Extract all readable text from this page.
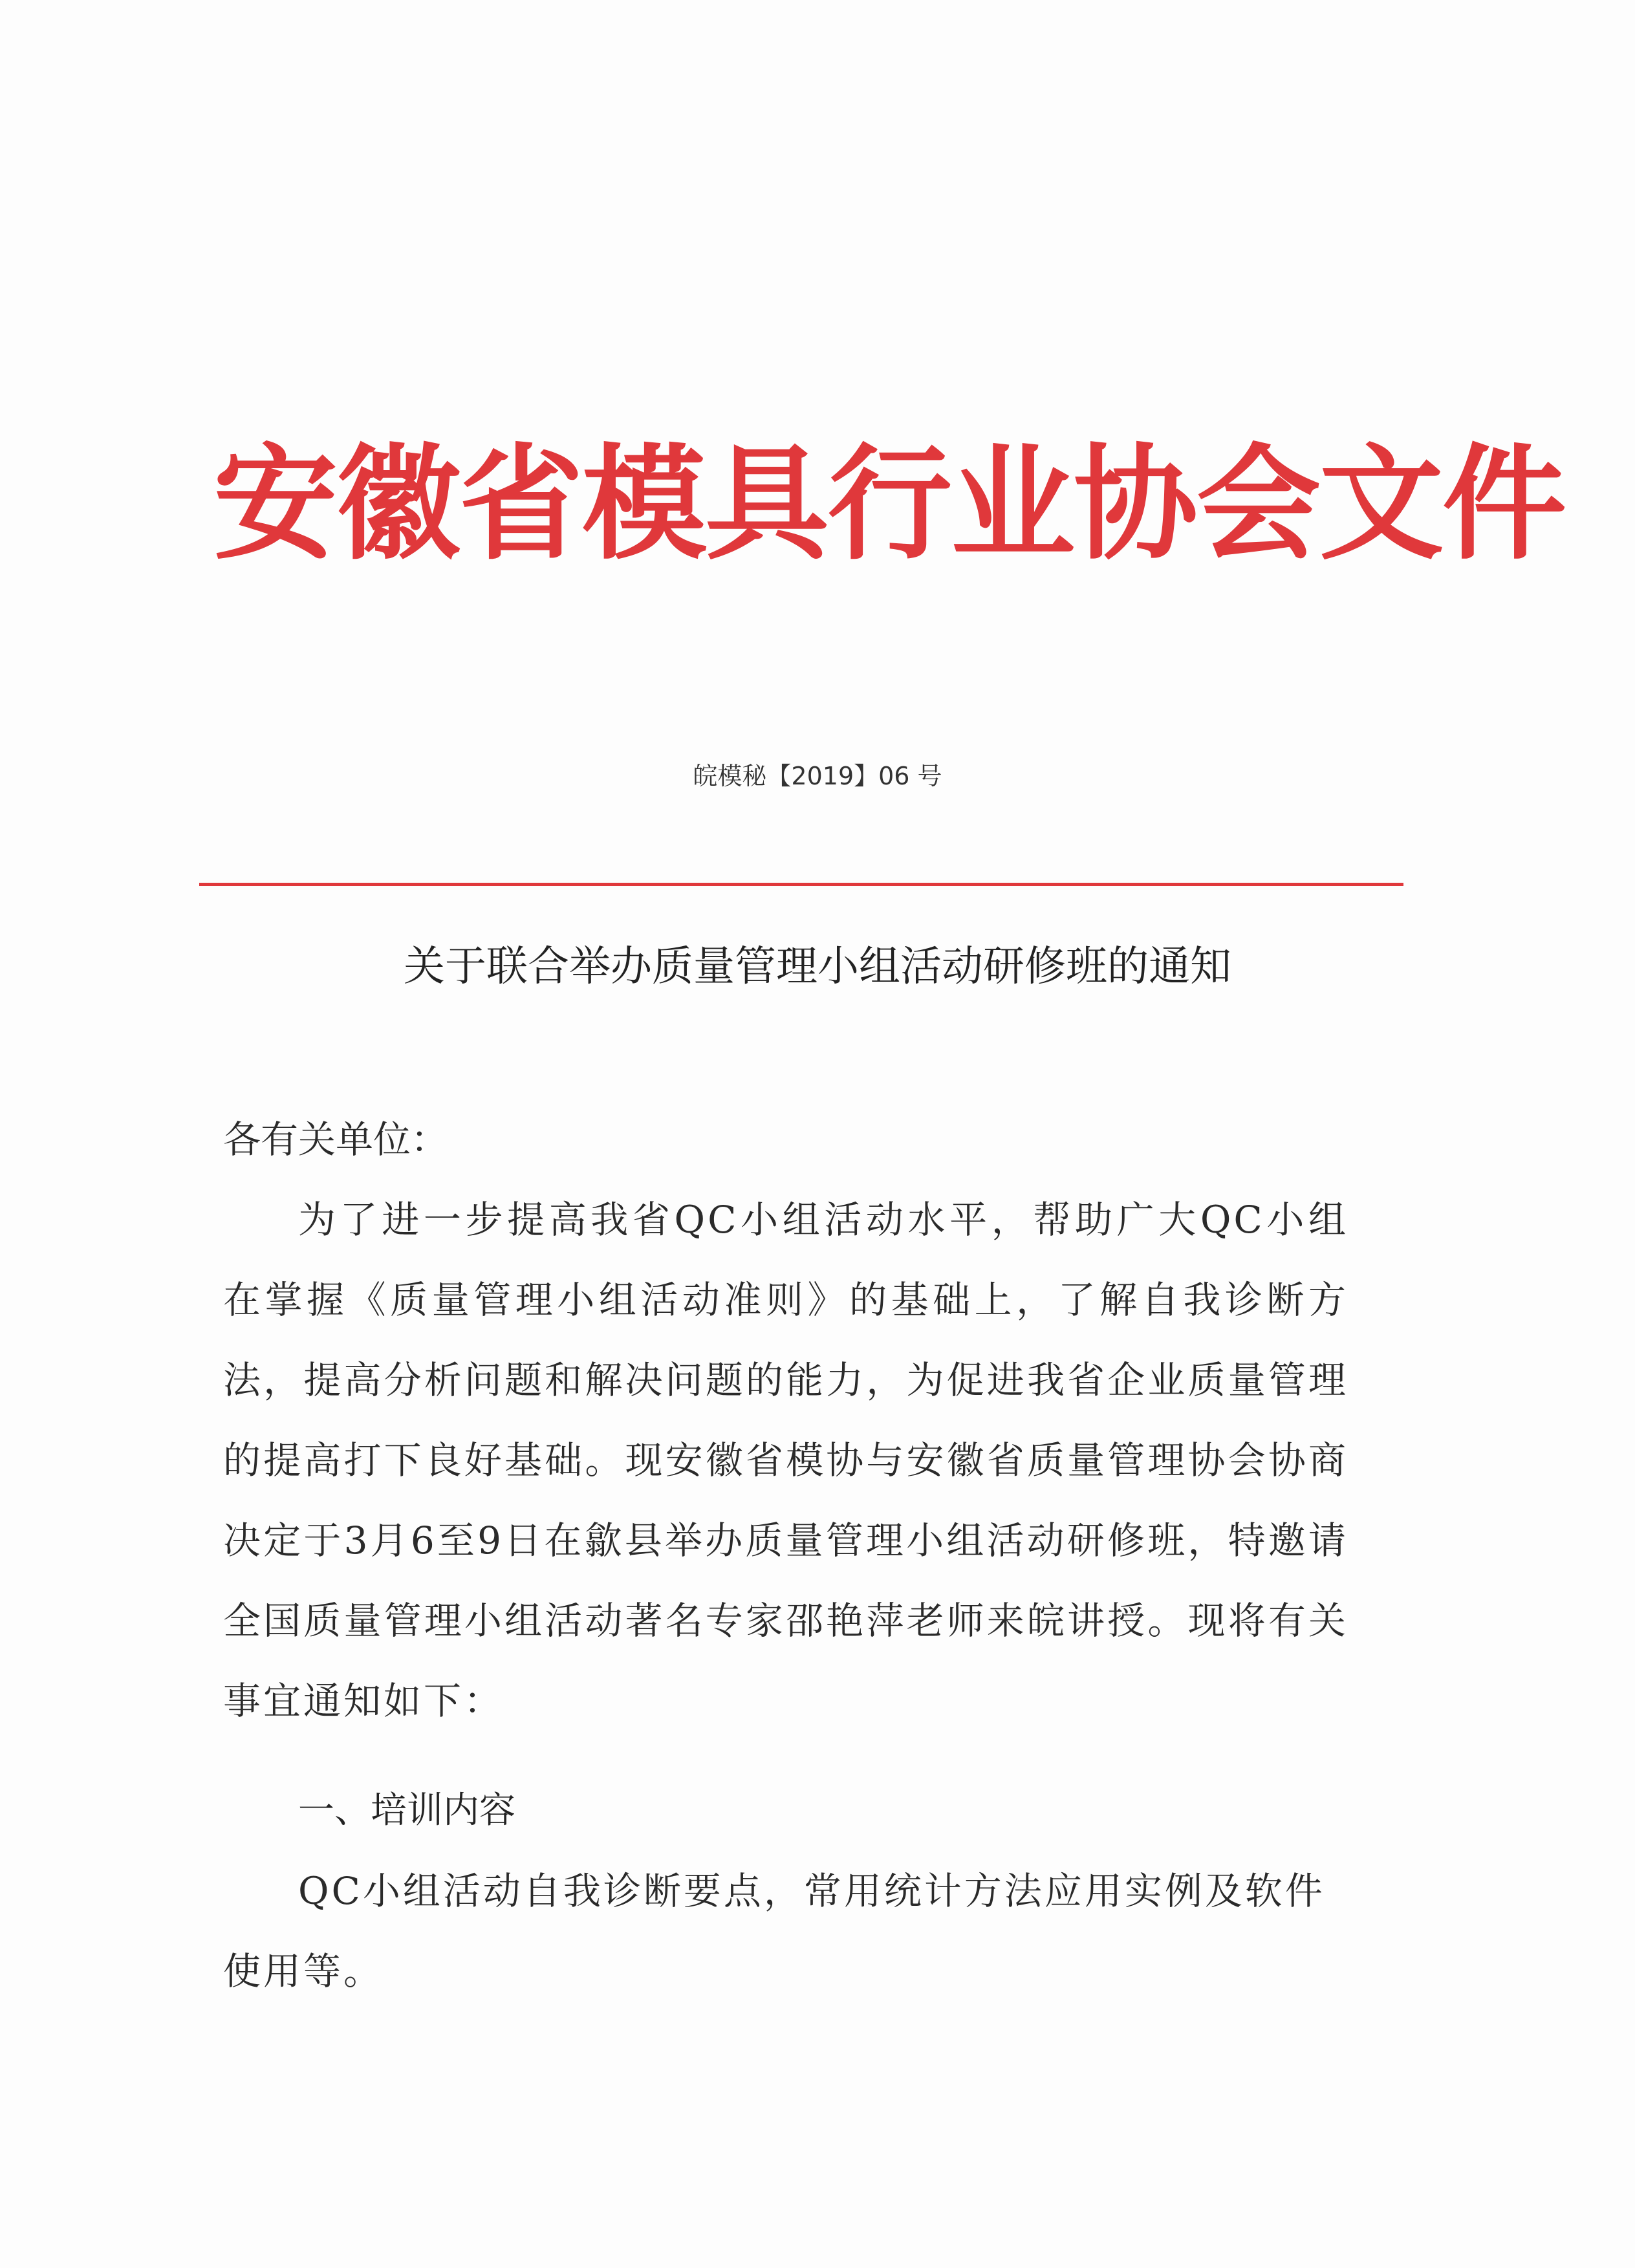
安徽省模具行业协会文件
皖模秘【2019】06 号
关于联合举办质量管理小组活动研修班的通知
各有关单位：
为了进一步提高我省QC小组活动水平，帮助广大QC小组在掌握《质量管理小组活动准则》的基础上，了解自我诊断方法，提高分析问题和解决问题的能力，为促进我省企业质量管理的提高打下良好基础。现安徽省模协与安徽省质量管理协会协商决定于3月6至9日在歙县举办质量管理小组活动研修班，特邀请全国质量管理小组活动著名专家邵艳萍老师来皖讲授。现将有关事宜通知如下：
一、培训内容
QC小组活动自我诊断要点，常用统计方法应用实例及软件使用等。
